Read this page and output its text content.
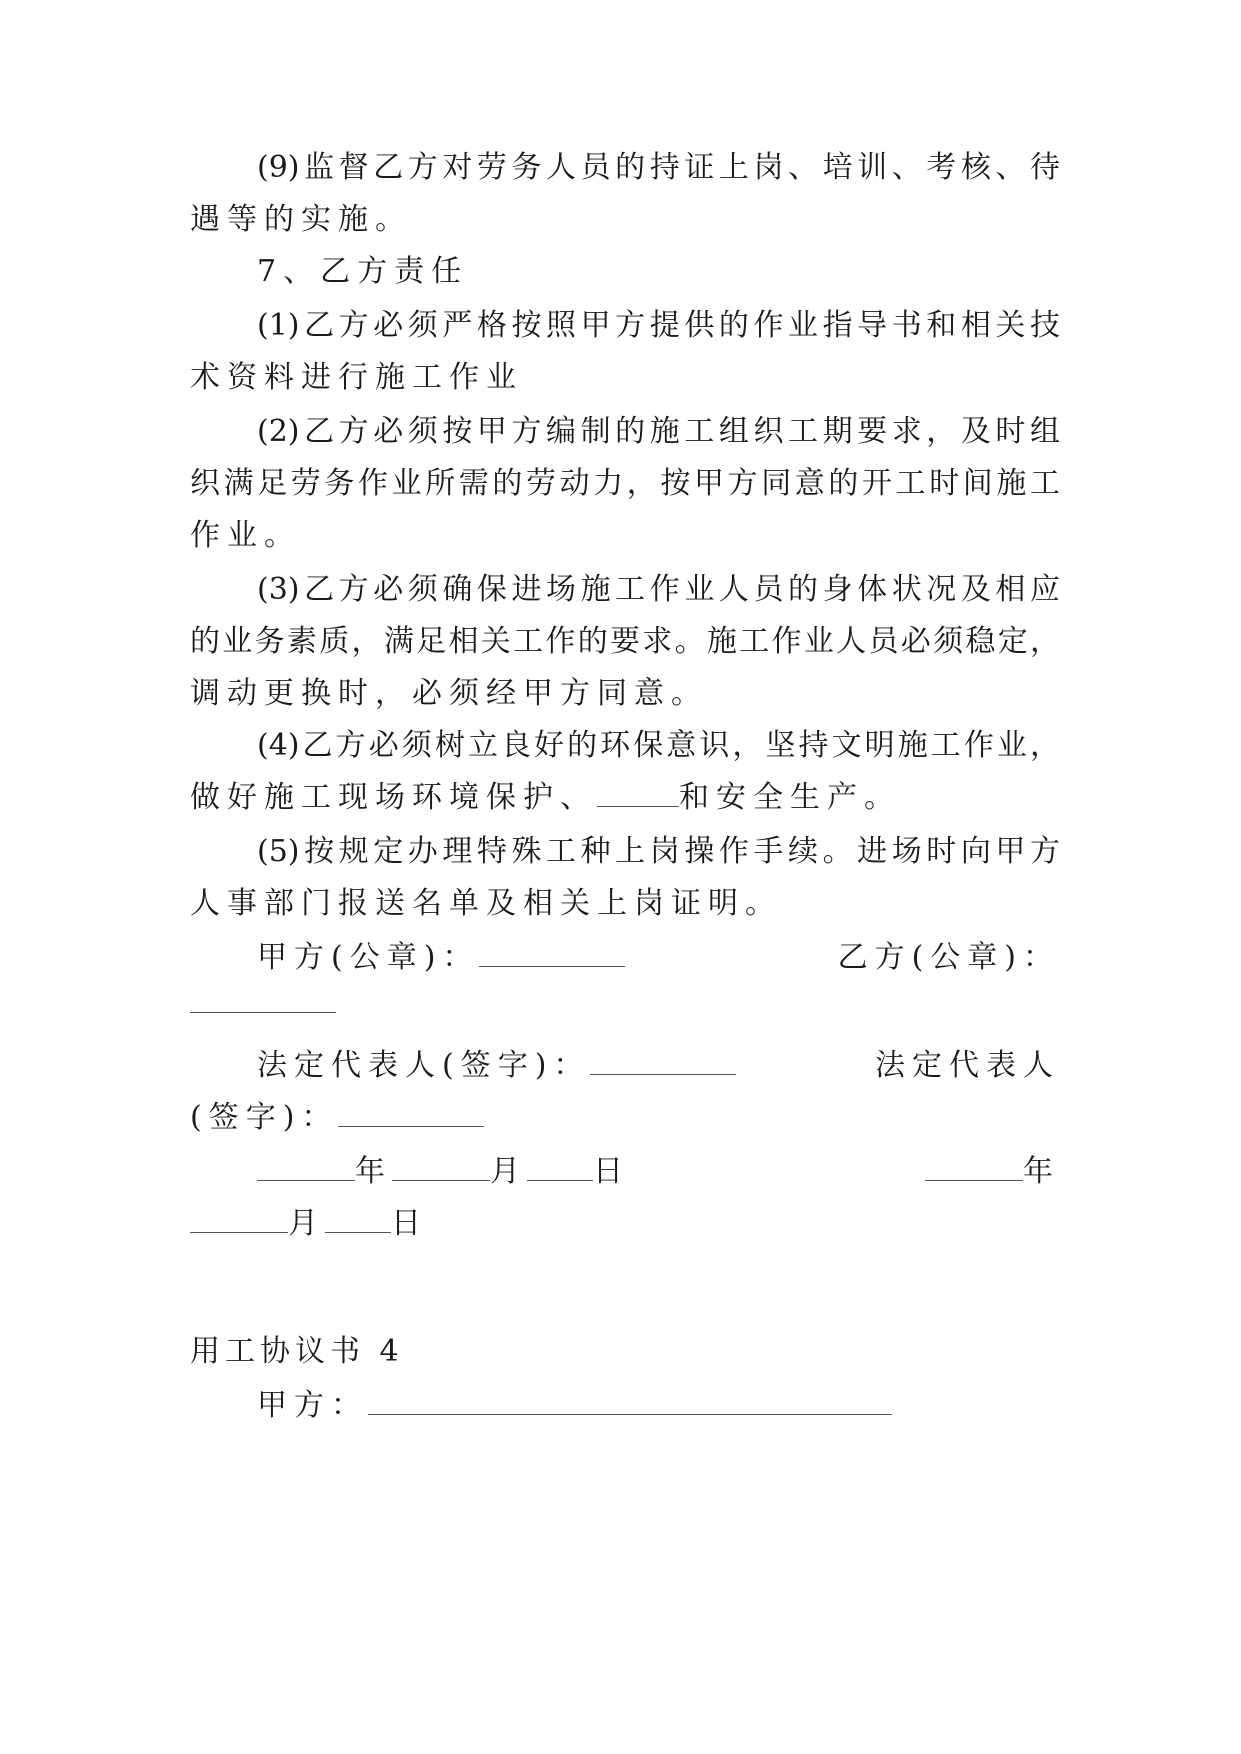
(9)监督乙方对劳务人员的持证上岗、培训、考核、待
遇等的实施。
7、乙方责任
(1)乙方必须严格按照甲方提供的作业指导书和相关技
术资料进行施工作业
(2)乙方必须按甲方编制的施工组织工期要求，及时组
织满足劳务作业所需的劳动力，按甲方同意的开工时间施工
作业。
(3)乙方必须确保进场施工作业人员的身体状况及相应
的业务素质，满足相关工作的要求。施工作业人员必须稳定，
调动更换时，必须经甲方同意。
(4)乙方必须树立良好的环保意识，坚持文明施工作业，
做好施工现场环境保护、	和安全生产。
(5)按规定办理特殊工种上岗操作手续。进场时向甲方
人事部门报送名单及相关上岗证明。
甲方(公章)：	乙方(公章)：
法定代表人(签字)：	法定代表人
(签字)：
年	月 日	年
月 日
用工协议书 4
甲方：
